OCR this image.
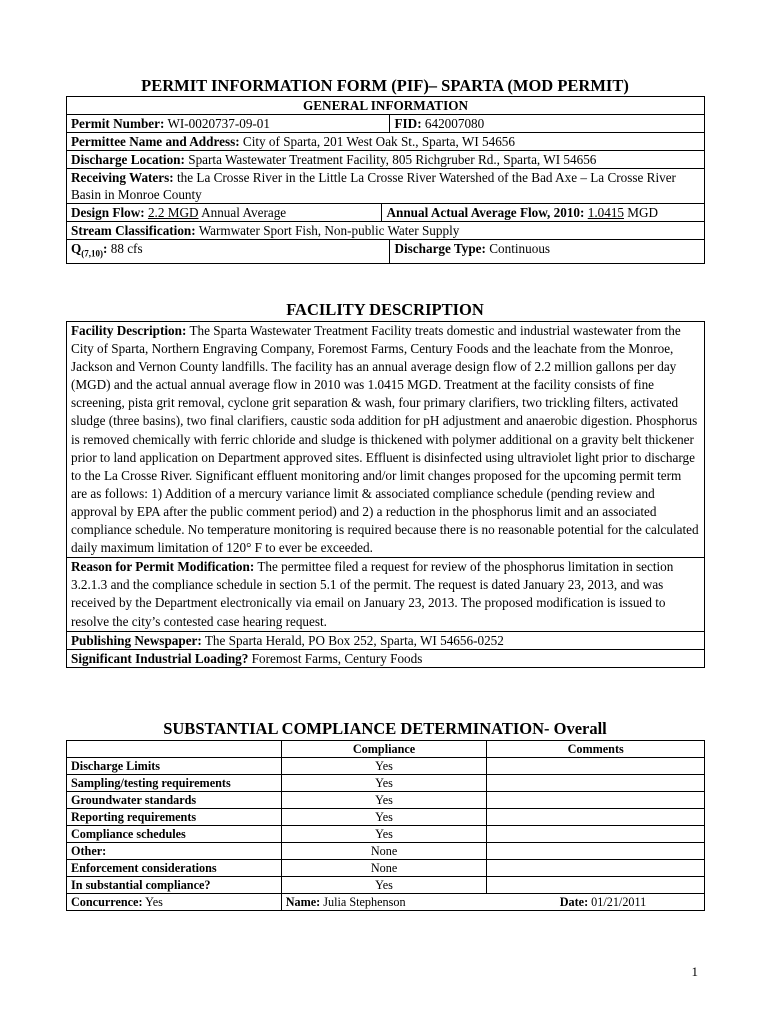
PERMIT INFORMATION FORM (PIF)– SPARTA (MOD PERMIT)
GENERAL INFORMATION		
Permit Number: WI-0020737-09-01		FID: 642007080
Permittee Name and Address: City of Sparta, 201 West Oak St., Sparta, WI 54656		
Discharge Location: Sparta Wastewater Treatment Facility, 805 Richgruber Rd., Sparta, WI 54656		
Receiving Waters: the La Crosse River in the Little La Crosse River Watershed of the Bad Axe – La Crosse River Basin in Monroe County		
Design Flow: 2.2 MGD Annual Average	Annual Actual Average Flow, 2010: 1.0415 MGD	
Stream Classification: Warmwater Sport Fish, Non-public Water Supply		
$Q_{(7,10)}$: 88 cfs		Discharge Type: Continuous
FACILITY DESCRIPTION
Facility Description: The Sparta Wastewater Treatment Facility treats domestic and industrial wastewater from the City of Sparta, Northern Engraving Company, Foremost Farms, Century Foods and the leachate from the Monroe, Jackson and Vernon County landfills. The facility has an annual average design flow of 2.2 million gallons per day (MGD) and the actual annual average flow in 2010 was 1.0415 MGD. Treatment at the facility consists of fine screening, pista grit removal, cyclone grit separation & wash, four primary clarifiers, two trickling filters, activated sludge (three basins), two final clarifiers, caustic soda addition for pH adjustment and anaerobic digestion. Phosphorus is removed chemically with ferric chloride and sludge is thickened with polymer additional on a gravity belt thickener prior to land application on Department approved sites. Effluent is disinfected using ultraviolet light prior to discharge to the La Crosse River. Significant effluent monitoring and/or limit changes proposed for the upcoming permit term are as follows: 1) Addition of a mercury variance limit & associated compliance schedule (pending review and approval by EPA after the public comment period) and 2) a reduction in the phosphorus limit and an associated compliance schedule. No temperature monitoring is required because there is no reasonable potential for the calculated daily maximum limitation of 120° F to ever be exceeded.
Reason for Permit Modification: The permittee filed a request for review of the phosphorus limitation in section 3.2.1.3 and the compliance schedule in section 5.1 of the permit. The request is dated January 23, 2013, and was received by the Department electronically via email on January 23, 2013. The proposed modification is issued to resolve the city’s contested case hearing request.
Publishing Newspaper: The Sparta Herald, PO Box 252, Sparta, WI 54656-0252
Significant Industrial Loading? Foremost Farms, Century Foods
SUBSTANTIAL COMPLIANCE DETERMINATION- Overall
	Compliance	Comments
Discharge Limits	Yes	
Sampling/testing requirements	Yes	
Groundwater standards	Yes	
Reporting requirements	Yes	
Compliance schedules	Yes	
Other:	None	
Enforcement considerations	None	
In substantial compliance?	Yes	
Concurrence: Yes	Name: Julia Stephenson Date: 01/21/2011	
1
